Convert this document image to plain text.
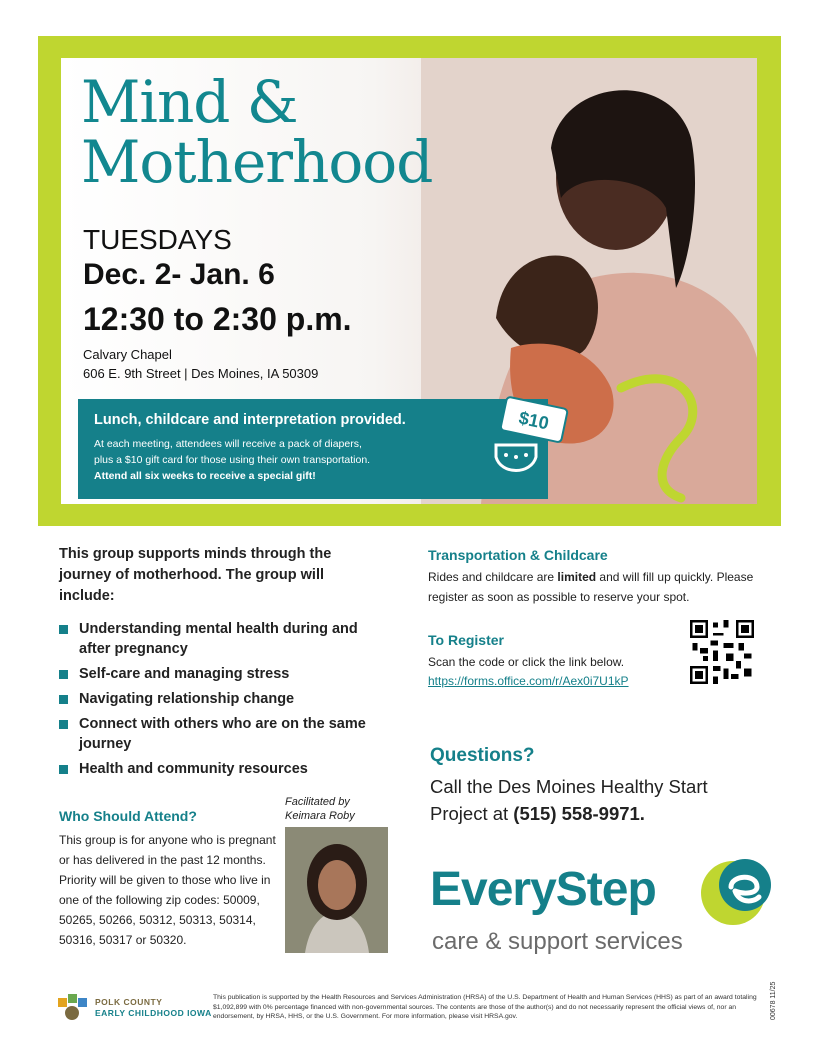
Mind &
Motherhood
TUESDAYS
Dec. 2- Jan. 6
12:30 to 2:30 p.m.
Calvary Chapel
606 E. 9th Street | Des Moines, IA 50309
Lunch, childcare and interpretation provided.
At each meeting, attendees will receive a pack of diapers,
plus a $10 gift card for those using their own transportation.
Attend all six weeks to receive a special gift!
$10
This group supports minds through the journey of motherhood. The group will include:
Understanding mental health during and after pregnancy
Self-care and managing stress
Navigating relationship change
Connect with others who are on the same journey
Health and community resources
Who Should Attend?
This group is for anyone who is pregnant or has delivered in the past 12 months. Priority will be given to those who live in one of the following zip codes: 50009, 50265, 50266, 50312, 50313, 50314, 50316, 50317 or 50320.
Facilitated by
Keimara Roby
Transportation & Childcare
Rides and childcare are limited and will fill up quickly. Please register as soon as possible to reserve your spot.
To Register
Scan the code or click the link below.
https://forms.office.com/r/Aex0i7U1kP
Questions?
Call the Des Moines Healthy Start Project at (515) 558-9971.
EveryStep
care & support services
POLK COUNTY
EARLY CHILDHOOD IOWA
This publication is supported by the Health Resources and Services Administration (HRSA) of the U.S. Department of Health and Human Services (HHS) as part of an award totaling $1,092,899 with 0% percentage financed with non-governmental sources. The contents are those of the author(s) and do not necessarily represent the official views of, nor an endorsement, by HRSA, HHS, or the U.S. Government. For more information, please visit HRSA.gov.	00678 11/25
